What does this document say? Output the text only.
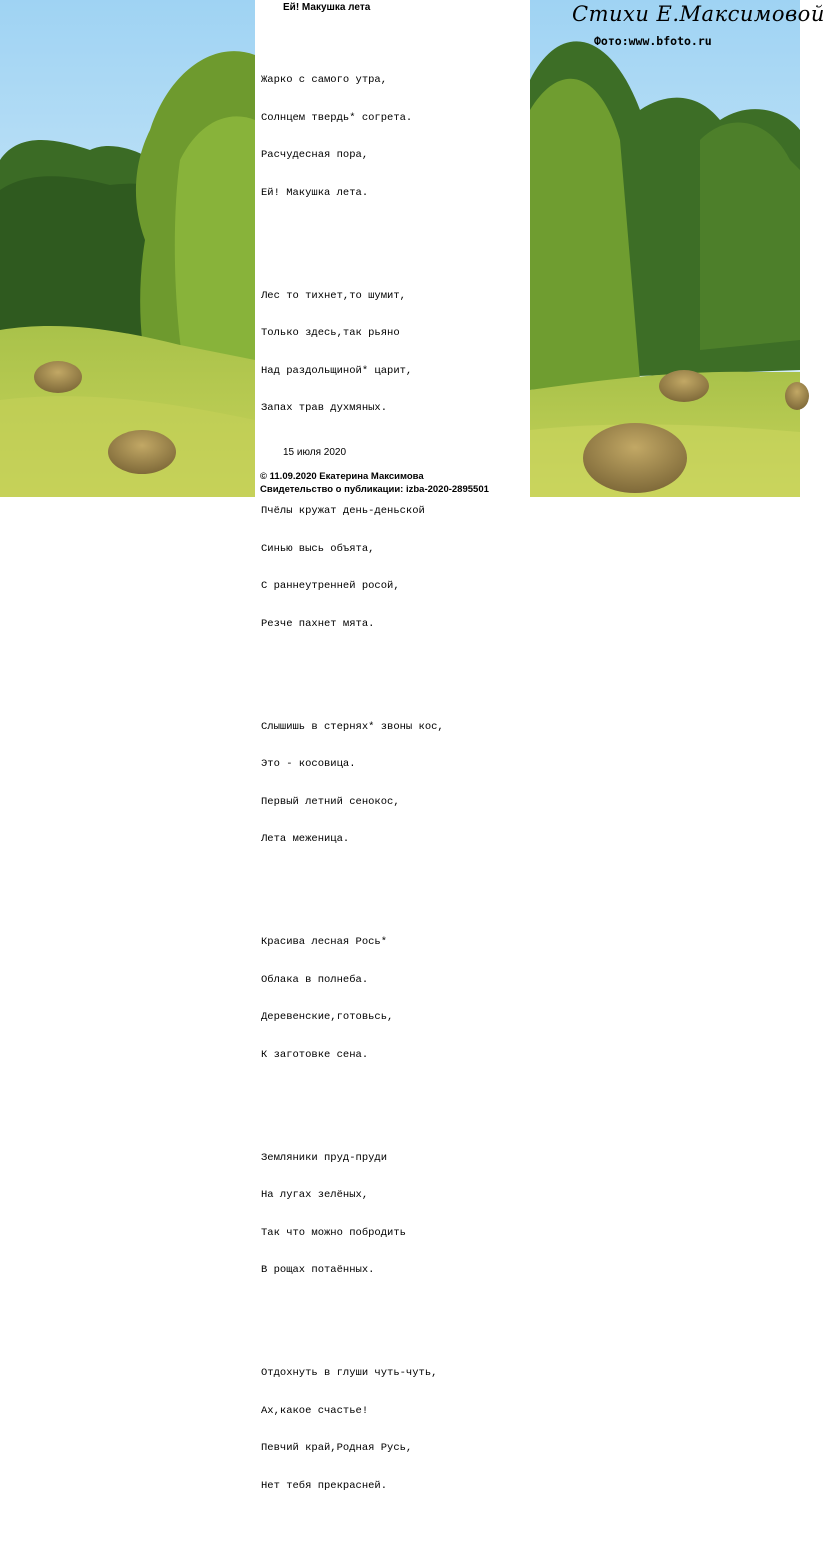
Ей! Макушка лета

Жарко с самого утра,

Солнцем твердь* согрета.

Расчудесная пора,

Ей! Макушка лета.

Лес то тихнет,то шумит,

Только здесь,так рьяно

Над раздольщиной* царит,

Запах трав духмяных.

Пчёлы кружат день-деньской

Синью высь объята,

С раннеутренней росой,

Резче пахнет мята.

Слышишь в стернях* звоны кос,

Это - косовица.

Первый летний сенокос,

Лета меженица.

Красива лесная Рось*

Облака в полнеба.

Деревенские,готовьсь,

К заготовке сена.

Земляники пруд-пруди

На лугах зелёных,

Так что можно побродить

В рощах потаённых.

Отдохнуть в глуши чуть-чуть,

Ах,какое счастье!

Певчий край,Родная Русь,

Нет тебя прекрасней.

15 июля 2020
© 11.09.2020 Екатерина Максимова
Свидетельство о публикации: izba-2020-2895501
Стихи Е.Максимовой
Фото:www.bfoto.ru
